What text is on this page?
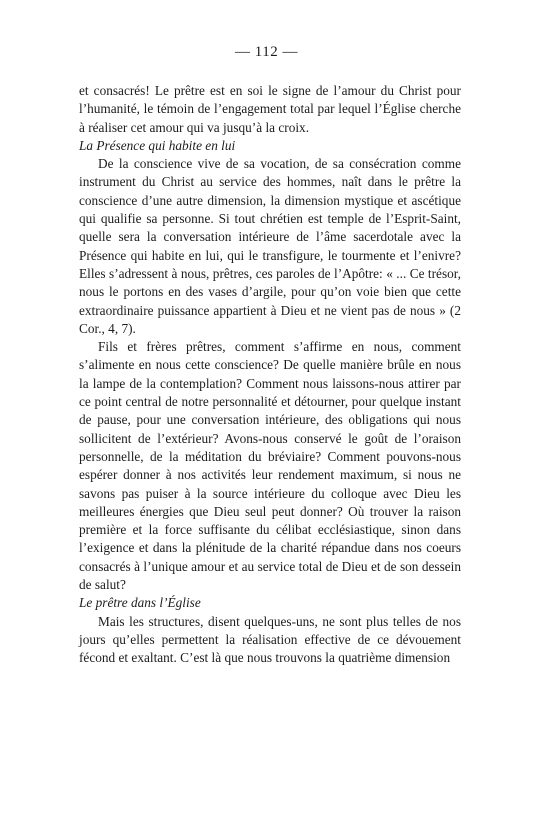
— 112 —

et consacrés! Le prêtre est en soi le signe de l’amour du Christ pour l’humanité, le témoin de l’engagement total par lequel l’Église cherche à réaliser cet amour qui va jusqu’à la croix.

La Présence qui habite en lui

De la conscience vive de sa vocation, de sa consécration comme instrument du Christ au service des hommes, naît dans le prêtre la conscience d’une autre dimension, la dimension mystique et ascétique qui qualifie sa personne. Si tout chrétien est temple de l’Esprit-Saint, quelle sera la conversation intérieure de l’âme sacerdotale avec la Présence qui habite en lui, qui le transfigure, le tourmente et l’enivre? Elles s’adressent à nous, prêtres, ces paroles de l’Apôtre: « ... Ce trésor, nous le portons en des vases d’argile, pour qu’on voie bien que cette extraordinaire puissance appartient à Dieu et ne vient pas de nous » (2 Cor., 4, 7).

Fils et frères prêtres, comment s’affirme en nous, comment s’alimente en nous cette conscience? De quelle manière brûle en nous la lampe de la contemplation? Comment nous laissons-nous attirer par ce point central de notre personnalité et détourner, pour quelque instant de pause, pour une conversation intérieure, des obligations qui nous sollicitent de l’extérieur? Avons-nous conservé le goût de l’oraison personnelle, de la méditation du bréviaire? Comment pouvons-nous espérer donner à nos activités leur rendement maximum, si nous ne savons pas puiser à la source intérieure du colloque avec Dieu les meilleures énergies que Dieu seul peut donner? Où trouver la raison première et la force suffisante du célibat ecclésiastique, sinon dans l’exigence et dans la plénitude de la charité répandue dans nos coeurs consacrés à l’unique amour et au service total de Dieu et de son dessein de salut?

Le prêtre dans l’Église

Mais les structures, disent quelques-uns, ne sont plus telles de nos jours qu’elles permettent la réalisation effective de ce dévouement fécond et exaltant. C’est là que nous trouvons la quatrième dimension
